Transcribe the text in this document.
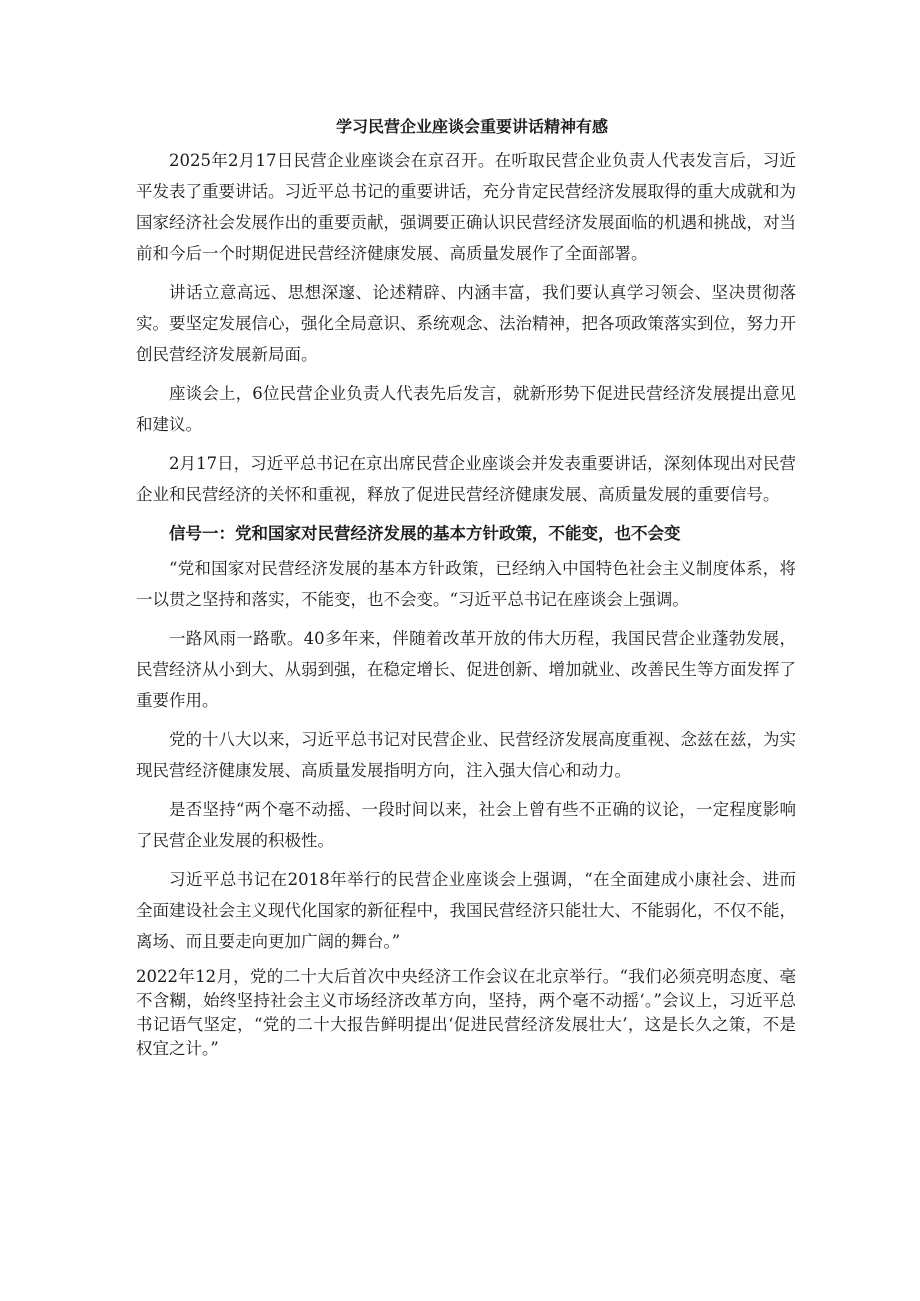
学习民营企业座谈会重要讲话精神有感

2025年2月17日民营企业座谈会在京召开。在听取民营企业负责人代表发言后，习近平发表了重要讲话。习近平总书记的重要讲话，充分肯定民营经济发展取得的重大成就和为国家经济社会发展作出的重要贡献，强调要正确认识民营经济发展面临的机遇和挑战，对当前和今后一个时期促进民营经济健康发展、高质量发展作了全面部署。

讲话立意高远、思想深邃、论述精辟、内涵丰富，我们要认真学习领会、坚决贯彻落实。要坚定发展信心，强化全局意识、系统观念、法治精神，把各项政策落实到位，努力开创民营经济发展新局面。

座谈会上，6位民营企业负责人代表先后发言，就新形势下促进民营经济发展提出意见和建议。

2月17日，习近平总书记在京出席民营企业座谈会并发表重要讲话，深刻体现出对民营企业和民营经济的关怀和重视，释放了促进民营经济健康发展、高质量发展的重要信号。

信号一：党和国家对民营经济发展的基本方针政策，不能变，也不会变

“党和国家对民营经济发展的基本方针政策，已经纳入中国特色社会主义制度体系，将一以贯之坚持和落实，不能变，也不会变。“习近平总书记在座谈会上强调。

一路风雨一路歌。40多年来，伴随着改革开放的伟大历程，我国民营企业蓬勃发展，民营经济从小到大、从弱到强，在稳定增长、促进创新、增加就业、改善民生等方面发挥了重要作用。

党的十八大以来，习近平总书记对民营企业、民营经济发展高度重视、念兹在兹，为实现民营经济健康发展、高质量发展指明方向，注入强大信心和动力。

是否坚持“两个毫不动摇、一段时间以来，社会上曾有些不正确的议论，一定程度影响了民营企业发展的积极性。

习近平总书记在2018年举行的民营企业座谈会上强调，“在全面建成小康社会、进而全面建设社会主义现代化国家的新征程中，我国民营经济只能壮大、不能弱化，不仅不能，离场、而且要走向更加广阔的舞台。”

2022年12月，党的二十大后首次中央经济工作会议在北京举行。“我们必须亮明态度、毫不含糊，始终坚持社会主义市场经济改革方向，坚持，两个毫不动摇‘。”会议上，习近平总书记语气坚定，“党的二十大报告鲜明提出‘促进民营经济发展壮大’，这是长久之策，不是权宜之计。”
